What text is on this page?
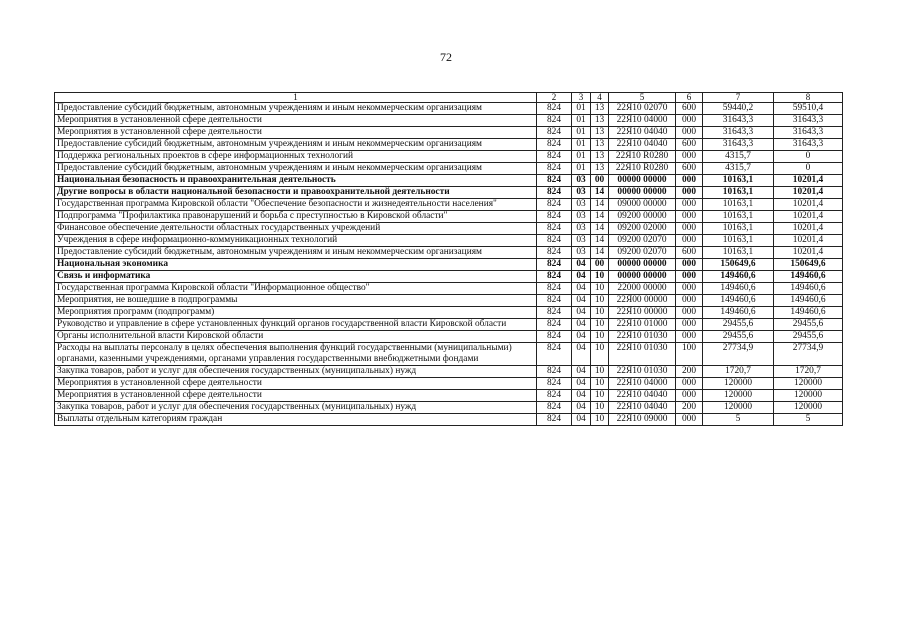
72
1	2	3	4	5	6	7	8
Предоставление субсидий бюджетным, автономным учреждениям и иным некоммерческим организациям	824	01	13	22Я10 02070	600	59440,2	59510,4
Мероприятия в установленной сфере деятельности	824	01	13	22Я10 04000	000	31643,3	31643,3
Мероприятия в установленной сфере деятельности	824	01	13	22Я10 04040	000	31643,3	31643,3
Предоставление субсидий бюджетным, автономным учреждениям и иным некоммерческим организациям	824	01	13	22Я10 04040	600	31643,3	31643,3
Поддержка региональных проектов в сфере информационных технологий	824	01	13	22Я10 R0280	000	4315,7	0
Предоставление субсидий бюджетным, автономным учреждениям и иным некоммерческим организациям	824	01	13	22Я10 R0280	600	4315,7	0
Национальная безопасность и правоохранительная деятельность	824	03	00	00000 00000	000	10163,1	10201,4
Другие вопросы в области национальной безопасности и правоохранительной деятельности	824	03	14	00000 00000	000	10163,1	10201,4
Государственная программа Кировской области "Обеспечение безопасности и жизнедеятельности населения"	824	03	14	09000 00000	000	10163,1	10201,4
Подпрограмма "Профилактика правонарушений и борьба с преступностью в Кировской области"	824	03	14	09200 00000	000	10163,1	10201,4
Финансовое обеспечение деятельности областных государственных учреждений	824	03	14	09200 02000	000	10163,1	10201,4
Учреждения в сфере информационно-коммуникационных технологий	824	03	14	09200 02070	000	10163,1	10201,4
Предоставление субсидий бюджетным, автономным учреждениям и иным некоммерческим организациям	824	03	14	09200 02070	600	10163,1	10201,4
Национальная экономика	824	04	00	00000 00000	000	150649,6	150649,6
Связь и информатика	824	04	10	00000 00000	000	149460,6	149460,6
Государственная программа Кировской области "Информационное общество"	824	04	10	22000 00000	000	149460,6	149460,6
Мероприятия, не вошедшие в подпрограммы	824	04	10	22Я00 00000	000	149460,6	149460,6
Мероприятия программ (подпрограмм)	824	04	10	22Я10 00000	000	149460,6	149460,6
Руководство и управление в сфере установленных функций органов государственной власти Кировской области	824	04	10	22Я10 01000	000	29455,6	29455,6
Органы исполнительной власти Кировской области	824	04	10	22Я10 01030	000	29455,6	29455,6
Расходы на выплаты персоналу в целях обеспечения выполнения функций государственными (муниципальными) органами, казенными учреждениями, органами управления государственными внебюджетными фондами	824	04	10	22Я10 01030	100	27734,9	27734,9
Закупка товаров, работ и услуг для обеспечения государственных (муниципальных) нужд	824	04	10	22Я10 01030	200	1720,7	1720,7
Мероприятия в установленной сфере деятельности	824	04	10	22Я10 04000	000	120000	120000
Мероприятия в установленной сфере деятельности	824	04	10	22Я10 04040	000	120000	120000
Закупка товаров, работ и услуг для обеспечения государственных (муниципальных) нужд	824	04	10	22Я10 04040	200	120000	120000
Выплаты отдельным категориям граждан	824	04	10	22Я10 09000	000	5	5
